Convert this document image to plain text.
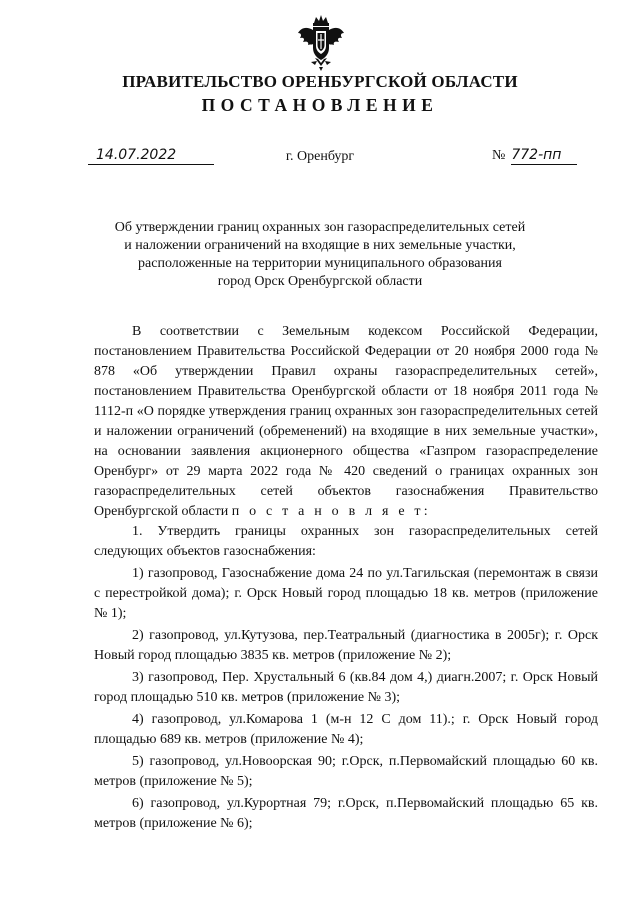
ПРАВИТЕЛЬСТВО ОРЕНБУРГСКОЙ ОБЛАСТИ
ПОСТАНОВЛЕНИЕ
14.07.2022	г. Оренбург	№ 772-пп
Об утверждении границ охранных зон газораспределительных сетей
и наложении ограничений на входящие в них земельные участки,
расположенные на территории муниципального образования
город Орск Оренбургской области

В соответствии с Земельным кодексом Российской Федерации, постановлением Правительства Российской Федерации от 20 ноября 2000 года № 878 «Об утверждении Правил охраны газораспределительных сетей», постановлением Правительства Оренбургской области от 18 ноября 2011 года № 1112-п «О порядке утверждения границ охранных зон газораспределительных сетей и наложении ограничений (обременений) на входящие в них земельные участки», на основании заявления акционерного общества «Газпром газораспределение Оренбург» от 29 марта 2022 года № 420 сведений о границах охранных зон газораспределительных сетей объектов газоснабжения Правительство Оренбургской области п о с т а н о в л я е т:

1. Утвердить границы охранных зон газораспределительных сетей следующих объектов газоснабжения:

1) газопровод, Газоснабжение дома 24 по ул.Тагильская (перемонтаж в связи с перестройкой дома); г. Орск Новый город площадью 18 кв. метров (приложение № 1);

2) газопровод, ул.Кутузова, пер.Театральный (диагностика в 2005г); г. Орск Новый город площадью 3835 кв. метров (приложение № 2);

3) газопровод, Пер. Хрустальный 6 (кв.84 дом 4,) диагн.2007; г. Орск Новый город площадью 510 кв. метров (приложение № 3);

4) газопровод, ул.Комарова 1 (м-н 12 С дом 11).; г. Орск Новый город площадью 689 кв. метров (приложение № 4);

5) газопровод, ул.Новоорская 90; г.Орск, п.Первомайский площадью 60 кв. метров (приложение № 5);

6) газопровод, ул.Курортная 79; г.Орск, п.Первомайский площадью 65 кв. метров (приложение № 6);
